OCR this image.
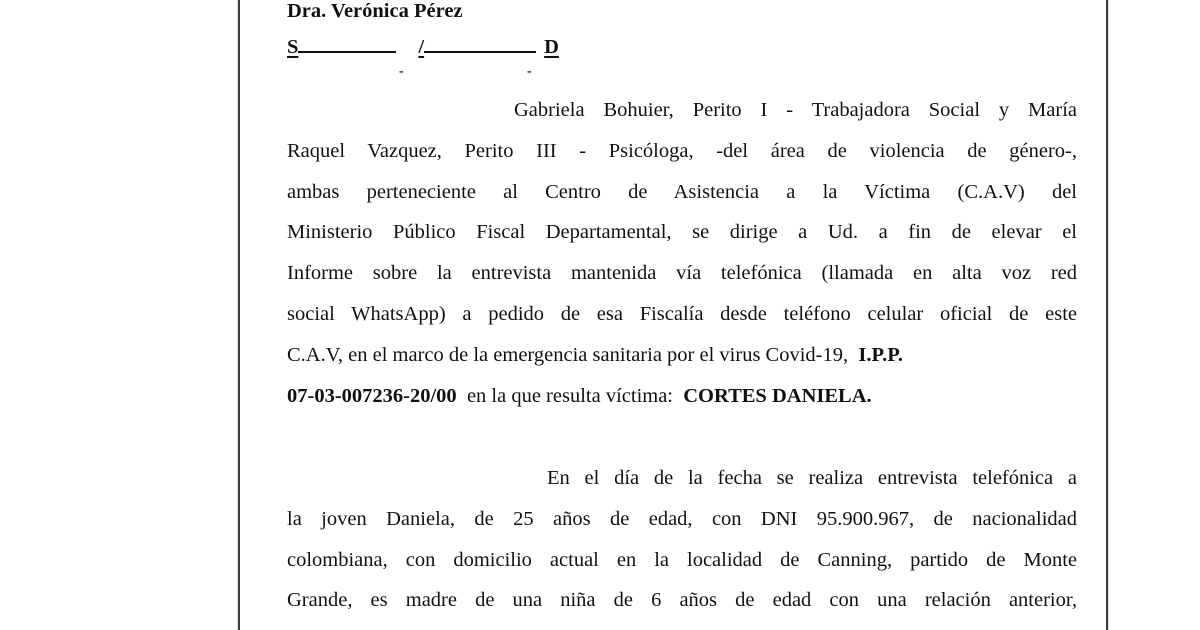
Dra. Verónica Pérez
S	/	D
-	-
Gabriela Bohuier, Perito I - Trabajadora Social y María
Raquel Vazquez, Perito III - Psicóloga, -del área de violencia de género-,
ambas perteneciente al Centro de Asistencia a la Víctima (C.A.V) del
Ministerio Público Fiscal Departamental, se dirige a Ud. a fin de elevar el
Informe sobre la entrevista mantenida vía telefónica (llamada en alta voz red
social WhatsApp) a pedido de esa Fiscalía desde teléfono celular oficial de este
C.A.V, en el marco de la emergencia sanitaria por el virus Covid-19, I.P.P.
07-03-007236-20/00 en la que resulta víctima: CORTES DANIELA.
En el día de la fecha se realiza entrevista telefónica a
la joven Daniela, de 25 años de edad, con DNI 95.900.967, de nacionalidad
colombiana, con domicilio actual en la localidad de Canning, partido de Monte
Grande, es madre de una niña de 6 años de edad con una relación anterior,
